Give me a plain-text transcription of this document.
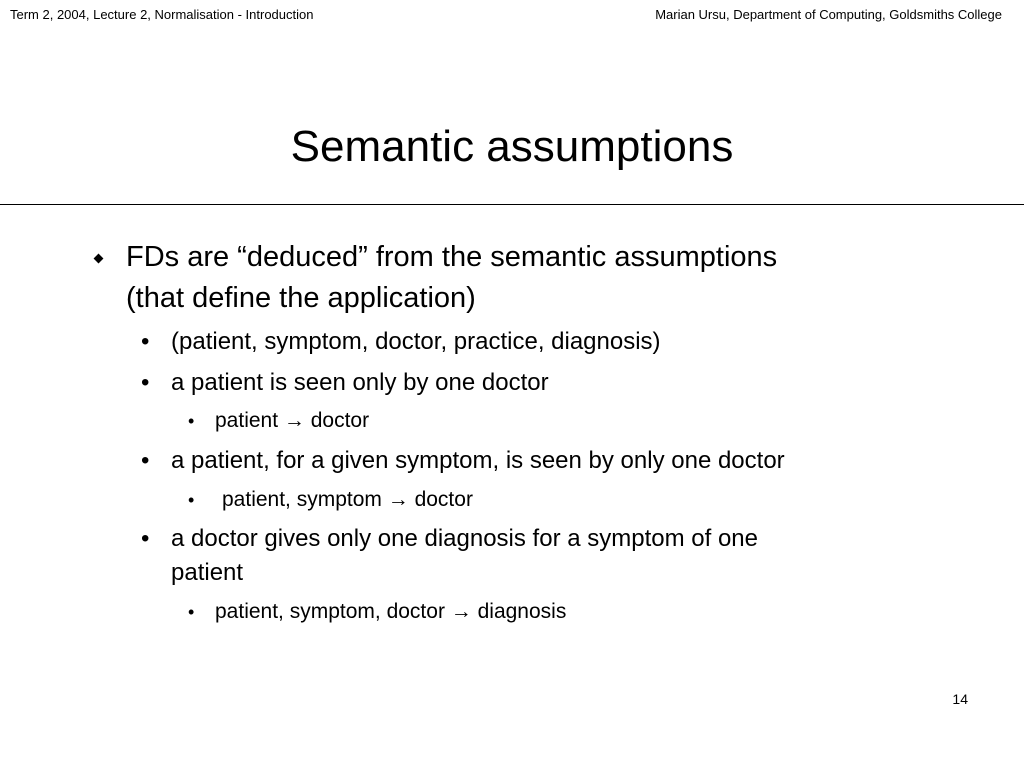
Term 2, 2004, Lecture 2, Normalisation - Introduction	Marian Ursu, Department of Computing, Goldsmiths College
Semantic assumptions
FDs are “deduced” from the semantic assumptions
(that define the application)
• (patient, symptom, doctor, practice, diagnosis)
• a patient is seen only by one doctor
• patient → doctor
• a patient, for a given symptom, is seen by only one doctor
• patient, symptom → doctor
• a doctor gives only one diagnosis for a symptom of one
patient
• patient, symptom, doctor → diagnosis
14
